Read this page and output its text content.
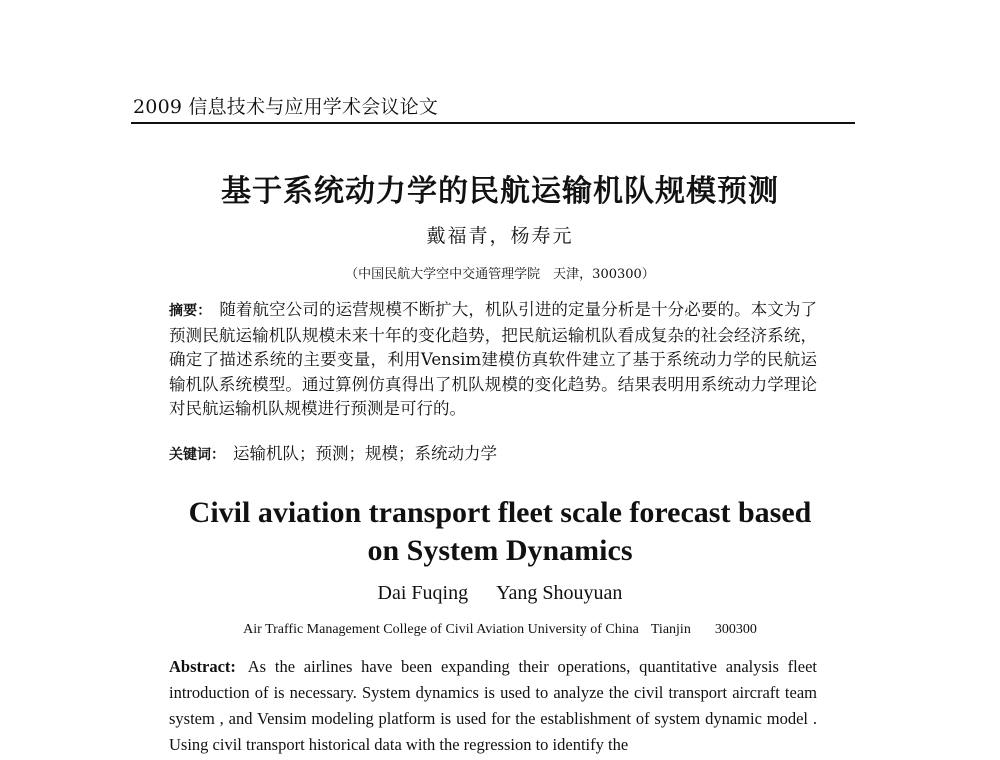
2009 信息技术与应用学术会议论文
基于系统动力学的民航运输机队规模预测
戴福青，杨寿元
（中国民航大学空中交通管理学院　天津，300300）
摘要： 随着航空公司的运营规模不断扩大，机队引进的定量分析是十分必要的。本文为了预测民航运输机队规模未来十年的变化趋势，把民航运输机队看成复杂的社会经济系统，确定了描述系统的主要变量，利用Vensim建模仿真软件建立了基于系统动力学的民航运输机队系统模型。通过算例仿真得出了机队规模的变化趋势。结果表明用系统动力学理论对民航运输机队规模进行预测是可行的。
关键词： 运输机队；预测；规模；系统动力学
Civil aviation transport fleet scale forecast based
on System Dynamics
Dai Fuqing Yang Shouyuan
Air Traffic Management College of Civil Aviation University of China Tianjin 300300
Abstract: As the airlines have been expanding their operations, quantitative analysis fleet introduction of is necessary. System dynamics is used to analyze the civil transport aircraft team system , and Vensim modeling platform is used for the establishment of system dynamic model . Using civil transport historical data with the regression to identify the
